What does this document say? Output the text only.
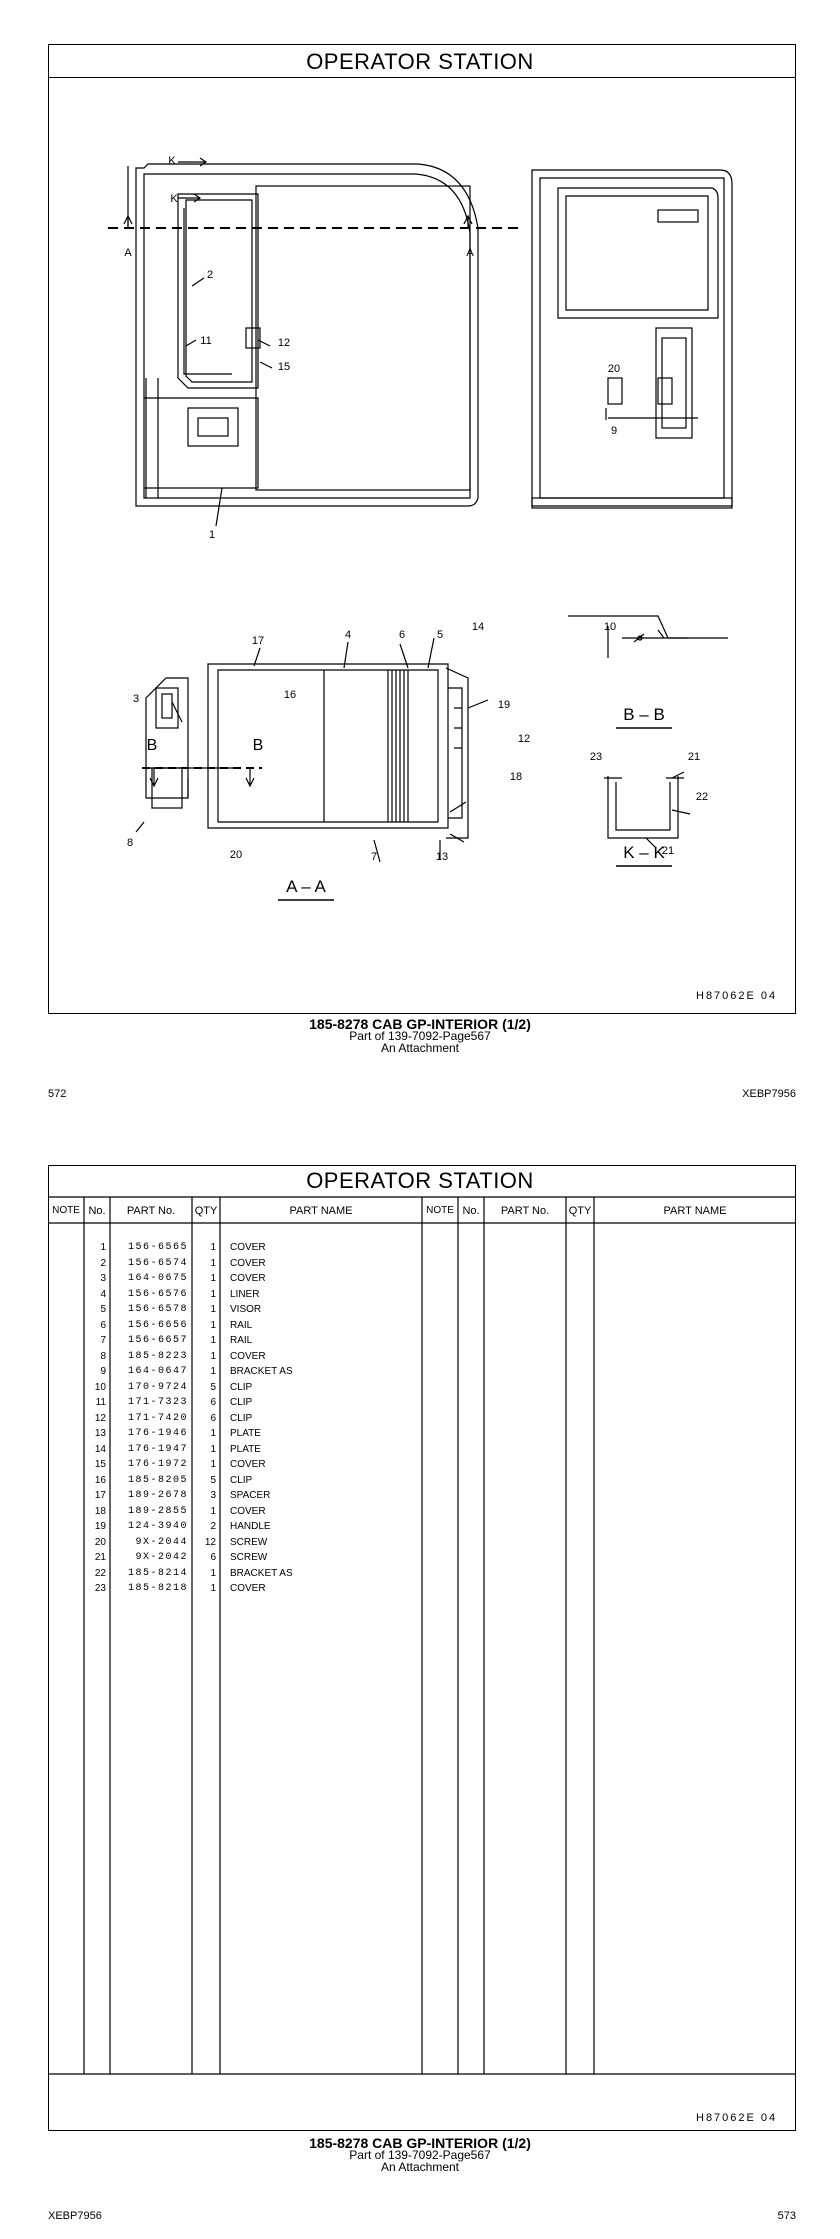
OPERATOR STATION
K
K
A	A
2
11	12
15
1
20
9
17	4	6	5
14
3	16
19
B	B	12
18
8
20	7	13
10
23	21
22
21
A – A
B – B
K – K
H87062E 04
185-8278 CAB GP-INTERIOR (1/2)
Part of 139-7092-Page567
An Attachment
572	XEBP7956
OPERATOR STATION
NOTE No.	PART No.	QTY	PART NAME	NOTE No.	PART No.	QTY	PART NAME
1	156-6565	1 COVER
2	156-6574	1 COVER
3	164-0675	1 COVER
4	156-6576	1 LINER
5	156-6578	1 VISOR
6	156-6656	1 RAIL
7	156-6657	1 RAIL
8	185-8223	1 COVER
9	164-0647	1 BRACKET AS
10	170-9724	5 CLIP
11	171-7323	6 CLIP
12	171-7420	6 CLIP
13	176-1946	1 PLATE
14	176-1947	1 PLATE
15	176-1972	1 COVER
16	185-8205	5 CLIP
17	189-2678	3 SPACER
18	189-2855	1 COVER
19	124-3940	2 HANDLE
20	9X-2044	12 SCREW
21	9X-2042	6 SCREW
22	185-8214	1 BRACKET AS
23	185-8218	1 COVER
H87062E 04
185-8278 CAB GP-INTERIOR (1/2)
Part of 139-7092-Page567
An Attachment
XEBP7956	573
